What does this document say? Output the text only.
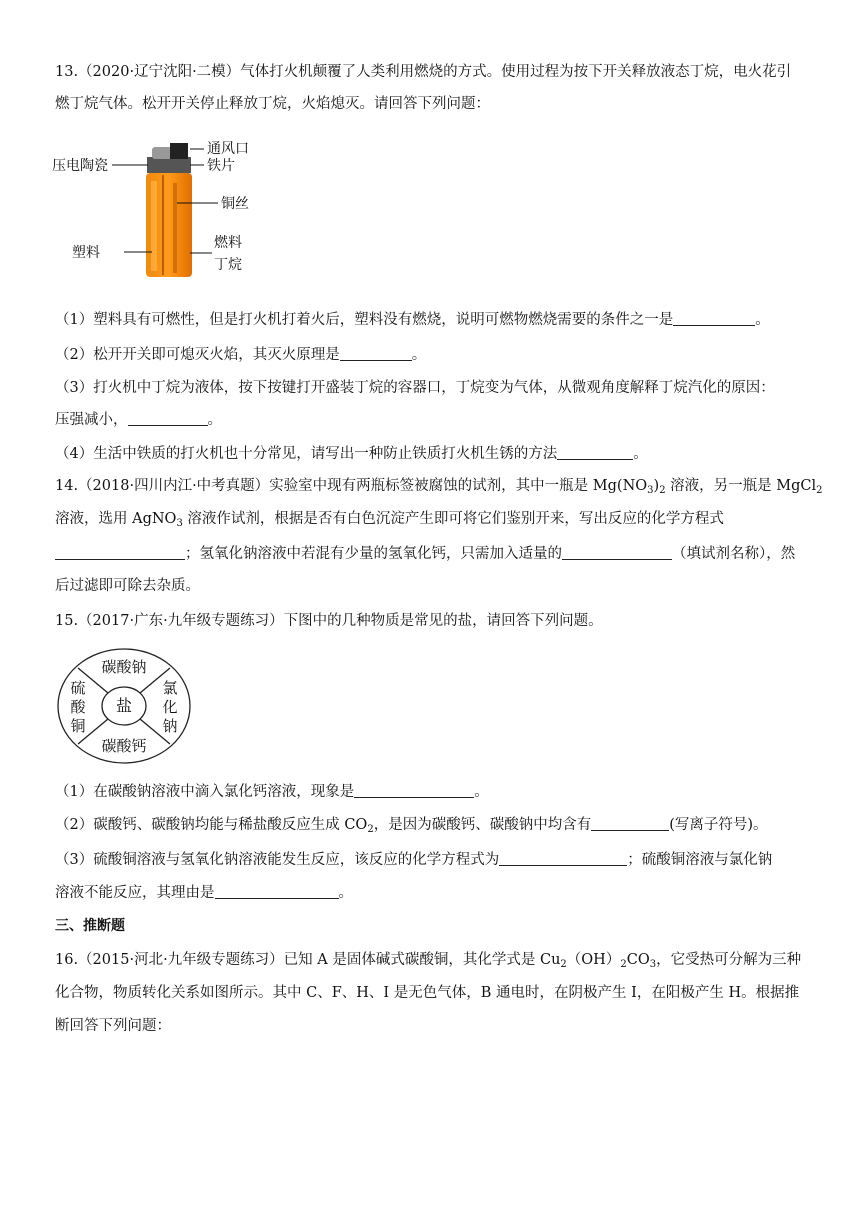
13.（2020·辽宁沈阳·二模）气体打火机颠覆了人类利用燃烧的方式。使用过程为按下开关释放液态丁烷，电火花引
燃丁烷气体。松开开关停止释放丁烷，火焰熄灭。请回答下列问题：
通风口
铁片
压电陶瓷
铜丝
塑料
燃料
丁烷
（1）塑料具有可燃性，但是打火机打着火后，塑料没有燃烧，说明可燃物燃烧需要的条件之一是	。
（2）松开开关即可熄灭火焰，其灭火原理是	。
（3）打火机中丁烷为液体，按下按键打开盛装丁烷的容器口，丁烷变为气体，从微观角度解释丁烷汽化的原因：
压强减小，	。
（4）生活中铁质的打火机也十分常见，请写出一种防止铁质打火机生锈的方法	。
14.（2018·四川内江·中考真题）实验室中现有两瓶标签被腐蚀的试剂，其中一瓶是 $Mg(NO_3)_2$ 溶液，另一瓶是 MgCl$_2$
溶液，选用 AgNO$_3$ 溶液作试剂，根据是否有白色沉淀产生即可将它们鉴别开来，写出反应的化学方程式
；氢氧化钠溶液中若混有少量的氢氧化钙，只需加入适量的	（填试剂名称），然
后过滤即可除去杂质。
15.（2017·广东·九年级专题练习）下图中的几种物质是常见的盐，请回答下列问题。
盐
碳酸钠
碳酸钙
硫
酸
铜
氯
化
钠
（1）在碳酸钠溶液中滴入氯化钙溶液，现象是	。
（2）碳酸钙、碳酸钠均能与稀盐酸反应生成 $CO_2$，是因为碳酸钙、碳酸钠中均含有	(写离子符号)。
（3）硫酸铜溶液与氢氧化钠溶液能发生反应，该反应的化学方程式为	；硫酸铜溶液与氯化钠
溶液不能反应，其理由是	。
三、推断题
16.（2015·河北·九年级专题练习）已知 A 是固体碱式碳酸铜，其化学式是 $Cu_2(OH)_2CO_3$，它受热可分解为三种
化合物，物质转化关系如图所示。其中 C、F、H、I 是无色气体，B 通电时，在阴极产生 I，在阳极产生 H。根据推
断回答下列问题：
